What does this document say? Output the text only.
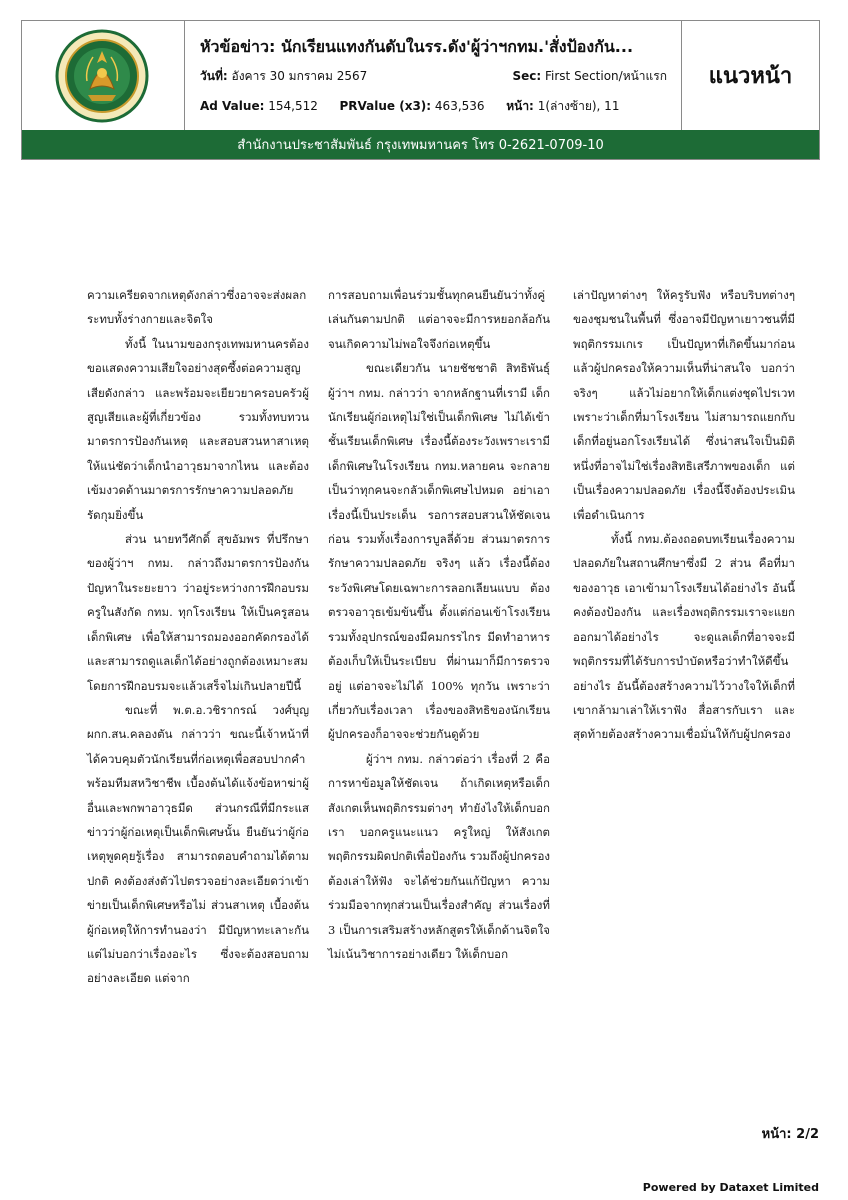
หัวข้อข่าว: นักเรียนแทงกันดับในรร.ดัง'ผู้ว่าฯกทม.'สั่งป้องกัน...
วันที่: อังคาร 30 มกราคม 2567	Sec: First Section/หน้าแรก
Ad Value: 154,512 PRValue (x3): 463,536 หน้า: 1(ล่างซ้าย), 11
แนวหน้า
สำนักงานประชาสัมพันธ์ กรุงเทพมหานคร โทร 0-2621-0709-10

ความเครียดจากเหตุดังกล่าวซึ่งอาจจะส่งผลกระทบทั้งร่างกายและจิตใจ

ทั้งนี้ ในนามของกรุงเทพมหานครต้องขอแสดงความเสียใจอย่างสุดซึ้งต่อความสูญเสียดังกล่าว และพร้อมจะเยียวยาครอบครัวผู้สูญเสียและผู้ที่เกี่ยวข้อง รวมทั้งทบทวนมาตรการป้องกันเหตุ และสอบสวนหาสาเหตุให้แน่ชัดว่าเด็กนำอาวุธมาจากไหน และต้องเข้มงวดด้านมาตรการรักษาความปลอดภัยรัดกุมยิ่งขึ้น

ส่วน นายทวีศักดิ์ สุขอัมพร ที่ปรึกษาของผู้ว่าฯ กทม. กล่าวถึงมาตรการป้องกันปัญหาในระยะยาว ว่าอยู่ระหว่างการฝึกอบรมครูในสังกัด กทม. ทุกโรงเรียน ให้เป็นครูสอนเด็กพิเศษ เพื่อให้สามารถมองออกคัดกรองได้และสามารถดูแลเด็กได้อย่างถูกต้องเหมาะสม โดยการฝึกอบรมจะแล้วเสร็จไม่เกินปลายปีนี้

ขณะที่ พ.ต.อ.วชิรากรณ์ วงศ์บุญ ผกก.สน.คลองตัน กล่าวว่า ขณะนี้เจ้าหน้าที่ได้ควบคุมตัวนักเรียนที่ก่อเหตุเพื่อสอบปากคำพร้อมทีมสหวิชาชีพ เบื้องต้นได้แจ้งข้อหาฆ่าผู้อื่นและพกพาอาวุธมีด ส่วนกรณีที่มีกระแสข่าวว่าผู้ก่อเหตุเป็นเด็กพิเศษนั้น ยืนยันว่าผู้ก่อเหตุพูดคุยรู้เรื่อง สามารถตอบคำถามได้ตามปกติ คงต้องส่งตัวไปตรวจอย่างละเอียดว่าเข้าข่ายเป็นเด็กพิเศษหรือไม่ ส่วนสาเหตุ เบื้องต้นผู้ก่อเหตุให้การทำนองว่า มีปัญหาทะเลาะกันแต่ไม่บอกว่าเรื่องอะไร ซึ่งจะต้องสอบถามอย่างละเอียด แต่จาก

การสอบถามเพื่อนร่วมชั้นทุกคนยืนยันว่าทั้งคู่เล่นกันตามปกติ แต่อาจจะมีการหยอกล้อกันจนเกิดความไม่พอใจจึงก่อเหตุขึ้น

ขณะเดียวกัน นายชัชชาติ สิทธิพันธุ์ ผู้ว่าฯ กทม. กล่าวว่า จากหลักฐานที่เรามี เด็กนักเรียนผู้ก่อเหตุไม่ใช่เป็นเด็กพิเศษ ไม่ได้เข้าชั้นเรียนเด็กพิเศษ เรื่องนี้ต้องระวังเพราะเรามีเด็กพิเศษในโรงเรียน กทม.หลายคน จะกลายเป็นว่าทุกคนจะกลัวเด็กพิเศษไปหมด อย่าเอาเรื่องนี้เป็นประเด็น รอการสอบสวนให้ชัดเจนก่อน รวมทั้งเรื่องการบูลลี่ด้วย ส่วนมาตรการรักษาความปลอดภัย จริงๆ แล้ว เรื่องนี้ต้องระวังพิเศษโดยเฉพาะการลอกเลียนแบบ ต้องตรวจอาวุธเข้มข้นขึ้น ตั้งแต่ก่อนเข้าโรงเรียน รวมทั้งอุปกรณ์ของมีคมกรรไกร มีดทำอาหารต้องเก็บให้เป็นระเบียบ ที่ผ่านมาก็มีการตรวจอยู่ แต่อาจจะไม่ได้ 100% ทุกวัน เพราะว่าเกี่ยวกับเรื่องเวลา เรื่องของสิทธิของนักเรียน ผู้ปกครองก็อาจจะช่วยกันดูด้วย

ผู้ว่าฯ กทม. กล่าวต่อว่า เรื่องที่ 2 คือการหาข้อมูลให้ชัดเจน ถ้าเกิดเหตุหรือเด็กสังเกตเห็นพฤติกรรมต่างๆ ทำยังไงให้เด็กบอกเรา บอกครูแนะแนว ครูใหญ่ ให้สังเกตพฤติกรรมผิดปกติเพื่อป้องกัน รวมถึงผู้ปกครองต้องเล่าให้ฟัง จะได้ช่วยกันแก้ปัญหา ความร่วมมือจากทุกส่วนเป็นเรื่องสำคัญ ส่วนเรื่องที่ 3 เป็นการเสริมสร้างหลักสูตรให้เด็กด้านจิตใจ ไม่เน้นวิชาการอย่างเดียว ให้เด็กบอก

เล่าปัญหาต่างๆ ให้ครูรับฟัง หรือบริบทต่างๆ ของชุมชนในพื้นที่ ซึ่งอาจมีปัญหาเยาวชนที่มีพฤติกรรมเกเร เป็นปัญหาที่เกิดขึ้นมาก่อนแล้วผู้ปกครองให้ความเห็นที่น่าสนใจ บอกว่าจริงๆ แล้วไม่อยากให้เด็กแต่งชุดไปรเวท เพราะว่าเด็กที่มาโรงเรียน ไม่สามารถแยกกับเด็กที่อยู่นอกโรงเรียนได้ ซึ่งน่าสนใจเป็นมิติหนึ่งที่อาจไม่ใช่เรื่องสิทธิเสรีภาพของเด็ก แต่เป็นเรื่องความปลอดภัย เรื่องนี้จึงต้องประเมินเพื่อดำเนินการ

ทั้งนี้ กทม.ต้องถอดบทเรียนเรื่องความปลอดภัยในสถานศึกษาซึ่งมี 2 ส่วน คือที่มาของอาวุธ เอาเข้ามาโรงเรียนได้อย่างไร อันนี้คงต้องป้องกัน และเรื่องพฤติกรรมเราจะแยกออกมาได้อย่างไร จะดูแลเด็กที่อาจจะมีพฤติกรรมที่ได้รับการบำบัดหรือว่าทำให้ดีขึ้นอย่างไร อันนี้ต้องสร้างความไว้วางใจให้เด็กที่เขากล้ามาเล่าให้เราฟัง สื่อสารกับเรา และสุดท้ายต้องสร้างความเชื่อมั่นให้กับผู้ปกครอง

หน้า: 2/2
Powered by Dataxet Limited
